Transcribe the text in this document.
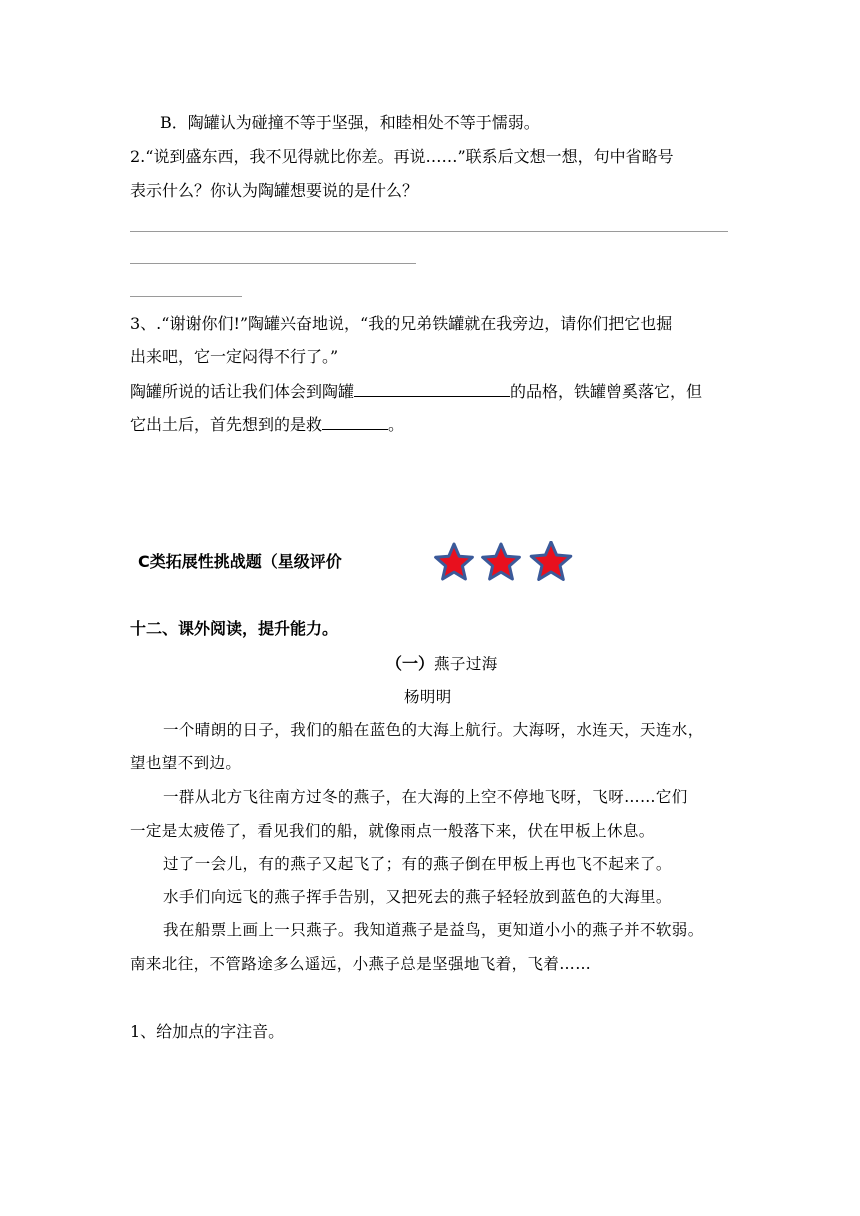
B．陶罐认为碰撞不等于坚强，和睦相处不等于懦弱。
2.“说到盛东西，我不见得就比你差。再说……”联系后文想一想，句中省略号
表示什么？你认为陶罐想要说的是什么？
3、.“谢谢你们!”陶罐兴奋地说，“我的兄弟铁罐就在我旁边，请你们把它也掘
出来吧，它一定闷得不行了。”
陶罐所说的话让我们体会到陶罐	的品格，铁罐曾奚落它，但
它出土后，首先想到的是救	。
C类拓展性挑战题（星级评价
十二、课外阅读，提升能力。
（一）燕子过海
杨明明
一个晴朗的日子，我们的船在蓝色的大海上航行。大海呀，水连天，天连水，
望也望不到边。
一群从北方飞往南方过冬的燕子，在大海的上空不停地飞呀，飞呀……它们
一定是太疲倦了，看见我们的船，就像雨点一般落下来，伏在甲板上休息。
过了一会儿，有的燕子又起飞了；有的燕子倒在甲板上再也飞不起来了。
水手们向远飞的燕子挥手告别，又把死去的燕子轻轻放到蓝色的大海里。
我在船票上画上一只燕子。我知道燕子是益鸟，更知道小小的燕子并不软弱。
南来北往，不管路途多么遥远，小燕子总是坚强地飞着，飞着……
1、给加点的字注音。
